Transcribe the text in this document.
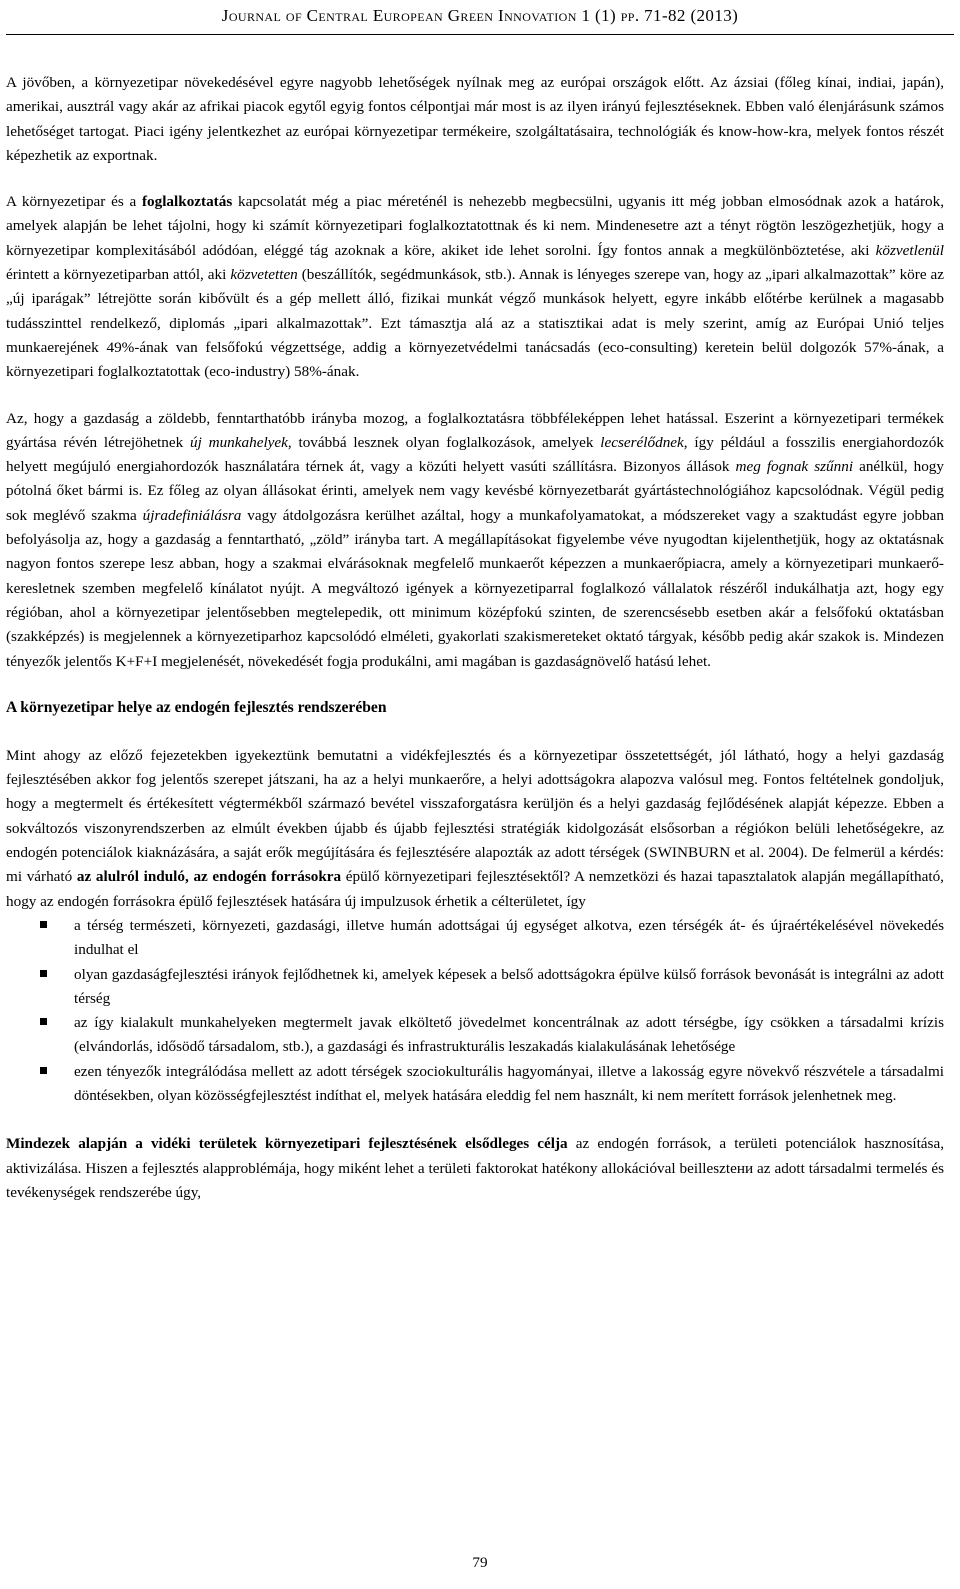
Journal of Central European Green Innovation 1 (1) pp. 71-82 (2013)

A jövőben, a környezetipar növekedésével egyre nagyobb lehetőségek nyílnak meg az európai országok előtt. Az ázsiai (főleg kínai, indiai, japán), amerikai, ausztrál vagy akár az afrikai piacok egytől egyig fontos célpontjai már most is az ilyen irányú fejlesztéseknek. Ebben való élenjárásunk számos lehetőséget tartogat. Piaci igény jelentkezhet az európai környezetipar termékeire, szolgáltatásaira, technológiák és know-how-kra, melyek fontos részét képezhetik az exportnak.

A környezetipar és a foglalkoztatás kapcsolatát még a piac méreténél is nehezebb megbecsülni, ugyanis itt még jobban elmosódnak azok a határok, amelyek alapján be lehet tájolni, hogy ki számít környezetipari foglalkoztatottnak és ki nem. Mindenesetre azt a tényt rögtön leszögezhetjük, hogy a környezetipar komplexitásából adódóan, eléggé tág azoknak a köre, akiket ide lehet sorolni. Így fontos annak a megkülönböztetése, aki közvetlenül érintett a környezetiparban attól, aki közvetetten (beszállítók, segédmunkások, stb.). Annak is lényeges szerepe van, hogy az „ipari alkalmazottak” köre az „új iparágak” létrejötte során kibővült és a gép mellett álló, fizikai munkát végző munkások helyett, egyre inkább előtérbe kerülnek a magasabb tudásszinttel rendelkező, diplomás „ipari alkalmazottak”. Ezt támasztja alá az a statisztikai adat is mely szerint, amíg az Európai Unió teljes munkaerejének 49%-ának van felsőfokú végzettsége, addig a környezetvédelmi tanácsadás (eco-consulting) keretein belül dolgozók 57%-ának, a környezetipari foglalkoztatottak (eco-industry) 58%-ának.

Az, hogy a gazdaság a zöldebb, fenntarthatóbb irányba mozog, a foglalkoztatásra többféleképpen lehet hatással. Eszerint a környezetipari termékek gyártása révén létrejöhetnek új munkahelyek, továbbá lesznek olyan foglalkozások, amelyek lecserélődnek, így például a fosszilis energiahordozók helyett megújuló energiahordozók használatára térnek át, vagy a közúti helyett vasúti szállításra. Bizonyos állások meg fognak szűnni anélkül, hogy pótolná őket bármi is. Ez főleg az olyan állásokat érinti, amelyek nem vagy kevésbé környezetbarát gyártástechnológiához kapcsolódnak. Végül pedig sok meglévő szakma újradefiniálásra vagy átdolgozásra kerülhet azáltal, hogy a munkafolyamatokat, a módszereket vagy a szaktudást egyre jobban befolyásolja az, hogy a gazdaság a fenntartható, „zöld” irányba tart. A megállapításokat figyelembe véve nyugodtan kijelenthetjük, hogy az oktatásnak nagyon fontos szerepe lesz abban, hogy a szakmai elvárásoknak megfelelő munkaerőt képezzen a munkaerőpiacra, amely a környezetipari munkaerő-keresletnek szemben megfelelő kínálatot nyújt. A megváltozó igények a környezetiparral foglalkozó vállalatok részéről indukálhatja azt, hogy egy régióban, ahol a környezetipar jelentősebben megtelepedik, ott minimum középfokú szinten, de szerencsésebb esetben akár a felsőfokú oktatásban (szakképzés) is megjelennek a környezetiparhoz kapcsolódó elméleti, gyakorlati szakismereteket oktató tárgyak, később pedig akár szakok is. Mindezen tényezők jelentős K+F+I megjelenését, növekedését fogja produkálni, ami magában is gazdaságnövelő hatású lehet.

A környezetipar helye az endogén fejlesztés rendszerében

Mint ahogy az előző fejezetekben igyekeztünk bemutatni a vidékfejlesztés és a környezetipar összetettségét, jól látható, hogy a helyi gazdaság fejlesztésében akkor fog jelentős szerepet játszani, ha az a helyi munkaerőre, a helyi adottságokra alapozva valósul meg. Fontos feltételnek gondoljuk, hogy a megtermelt és értékesített végtermékből származó bevétel visszaforgatásra kerüljön és a helyi gazdaság fejlődésének alapját képezze. Ebben a sokváltozós viszonyrendszerben az elmúlt években újabb és újabb fejlesztési stratégiák kidolgozását elsősorban a régiókon belüli lehetőségekre, az endogén potenciálok kiaknázására, a saját erők megújítására és fejlesztésére alapozták az adott térségek (SWINBURN et al. 2004). De felmerül a kérdés: mi várható az alulról induló, az endogén forrásokra épülő környezetipari fejlesztésektől? A nemzetközi és hazai tapasztalatok alapján megállapítható, hogy az endogén forrásokra épülő fejlesztések hatására új impulzusok érhetik a célterületet, így

a térség természeti, környezeti, gazdasági, illetve humán adottságai új egységet alkotva, ezen térségék át- és újraértékelésével növekedés indulhat el
olyan gazdaságfejlesztési irányok fejlődhetnek ki, amelyek képesek a belső adottságokra épülve külső források bevonását is integrálni az adott térség
az így kialakult munkahelyeken megtermelt javak elköltető jövedelmet koncentrálnak az adott térségbe, így csökken a társadalmi krízis (elvándorlás, idősödő társadalom, stb.), a gazdasági és infrastrukturális leszakadás kialakulásának lehetősége
ezen tényezők integrálódása mellett az adott térségek szociokulturális hagyományai, illetve a lakosság egyre növekvő részvétele a társadalmi döntésekben, olyan közösségfejlesztést indíthat el, melyek hatására eleddig fel nem használt, ki nem merített források jelenhetnek meg.

Mindezek alapján a vidéki területek környezetipari fejlesztésének elsődleges célja az endogén források, a területi potenciálok hasznosítása, aktivizálása. Hiszen a fejlesztés alapproblémája, hogy miként lehet a területi faktorokat hatékony allokációval beillesztени az adott társadalmi termelés és tevékenységek rendszerébe úgy,

79
